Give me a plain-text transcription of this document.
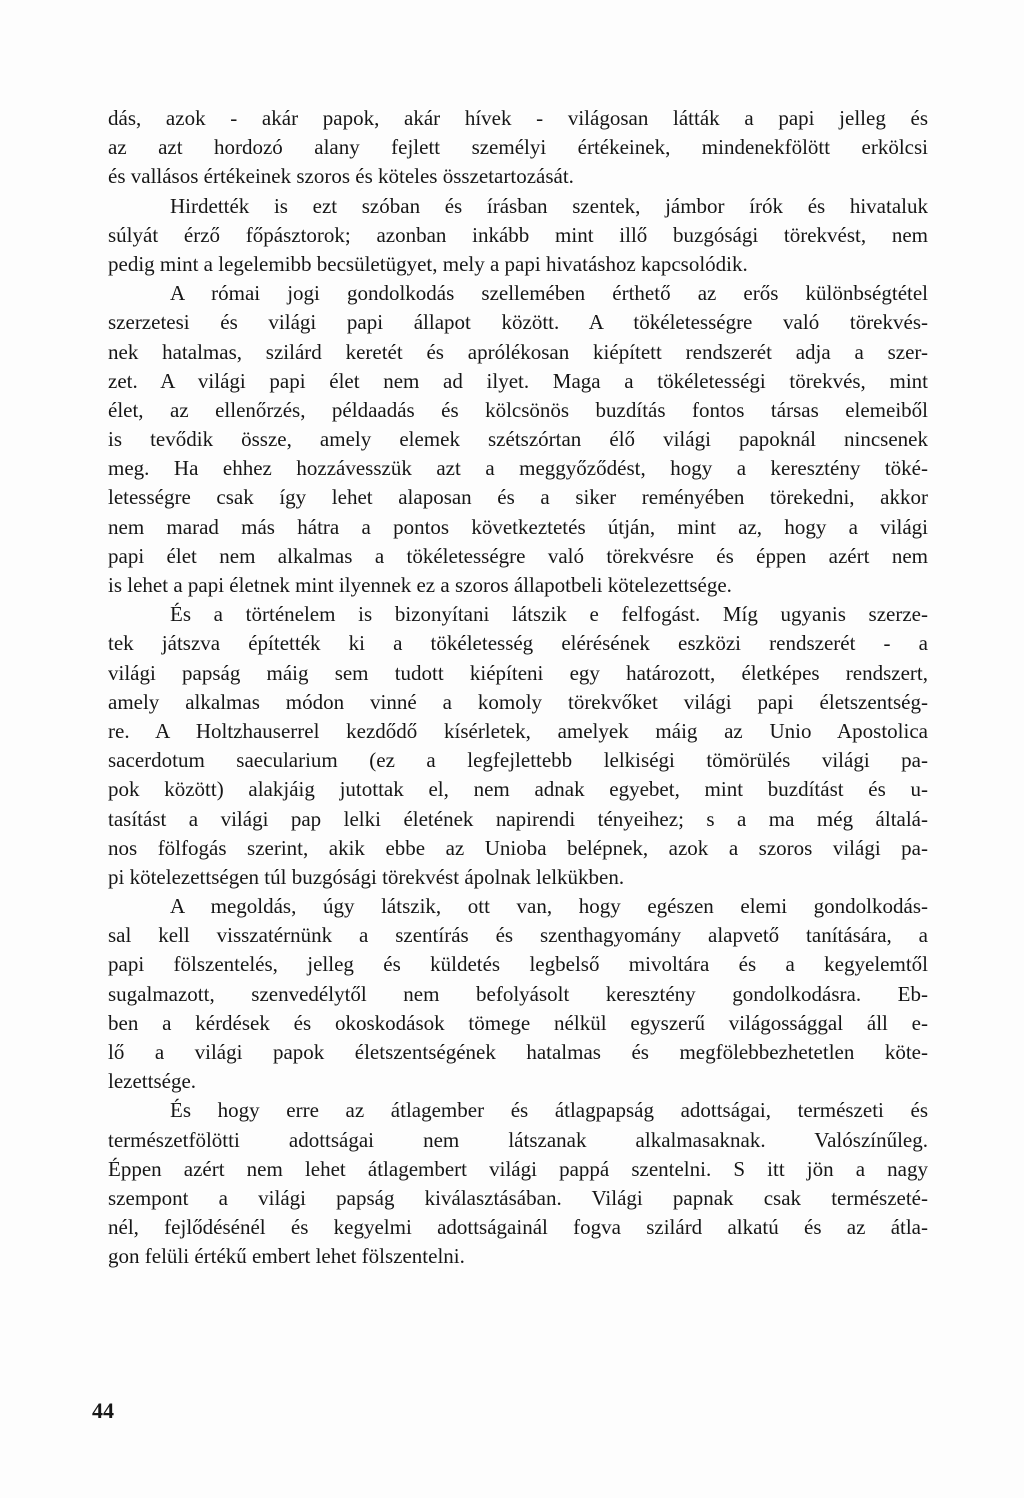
dás, azok - akár papok, akár hívek - világosan látták a papi jelleg és
az azt hordozó alany fejlett személyi értékeinek, mindenekfölött erkölcsi
és vallásos értékeinek szoros és köteles összetartozását.
Hirdették is ezt szóban és írásban szentek, jámbor írók és hivataluk
súlyát érző főpásztorok; azonban inkább mint illő buzgósági törekvést, nem
pedig mint a legelemibb becsületügyet, mely a papi hivatáshoz kapcsolódik.
A római jogi gondolkodás szellemében érthető az erős különbségtétel
szerzetesi és világi papi állapot között. A tökéletességre való törekvés-
nek hatalmas, szilárd keretét és aprólékosan kiépített rendszerét adja a szer-
zet. A világi papi élet nem ad ilyet. Maga a tökéletességi törekvés, mint
élet, az ellenőrzés, példaadás és kölcsönös buzdítás fontos társas elemeiből
is tevődik össze, amely elemek szétszórtan élő világi papoknál nincsenek
meg. Ha ehhez hozzávesszük azt a meggyőződést, hogy a keresztény töké-
letességre csak így lehet alaposan és a siker reményében törekedni, akkor
nem marad más hátra a pontos következtetés útján, mint az, hogy a világi
papi élet nem alkalmas a tökéletességre való törekvésre és éppen azért nem
is lehet a papi életnek mint ilyennek ez a szoros állapotbeli kötelezettsége.
És a történelem is bizonyítani látszik e felfogást. Míg ugyanis szerze-
tek játszva építették ki a tökéletesség elérésének eszközi rendszerét - a
világi papság máig sem tudott kiépíteni egy határozott, életképes rendszert,
amely alkalmas módon vinné a komoly törekvőket világi papi életszentség-
re. A Holtzhauserrel kezdődő kísérletek, amelyek máig az Unio Apostolica
sacerdotum saecularium (ez a legfejlettebb lelkiségi tömörülés világi pa-
pok között) alakjáig jutottak el, nem adnak egyebet, mint buzdítást és u-
tasítást a világi pap lelki életének napirendi tényeihez; s a ma még általá-
nos fölfogás szerint, akik ebbe az Unioba belépnek, azok a szoros világi pa-
pi kötelezettségen túl buzgósági törekvést ápolnak lelkükben.
A megoldás, úgy látszik, ott van, hogy egészen elemi gondolkodás-
sal kell visszatérnünk a szentírás és szenthagyomány alapvető tanítására, a
papi fölszentelés, jelleg és küldetés legbelső mivoltára és a kegyelemtől
sugalmazott, szenvedélytől nem befolyásolt keresztény gondolkodásra. Eb-
ben a kérdések és okoskodások tömege nélkül egyszerű világossággal áll e-
lő a világi papok életszentségének hatalmas és megfölebbezhetetlen köte-
lezettsége.
És hogy erre az átlagember és átlagpapság adottságai, természeti és
természetfölötti adottságai nem látszanak alkalmasaknak. Valószínűleg.
Éppen azért nem lehet átlagembert világi pappá szentelni. S itt jön a nagy
szempont a világi papság kiválasztásában. Világi papnak csak természeté-
nél, fejlődésénél és kegyelmi adottságainál fogva szilárd alkatú és az átla-
gon felüli értékű embert lehet fölszentelni.
44
